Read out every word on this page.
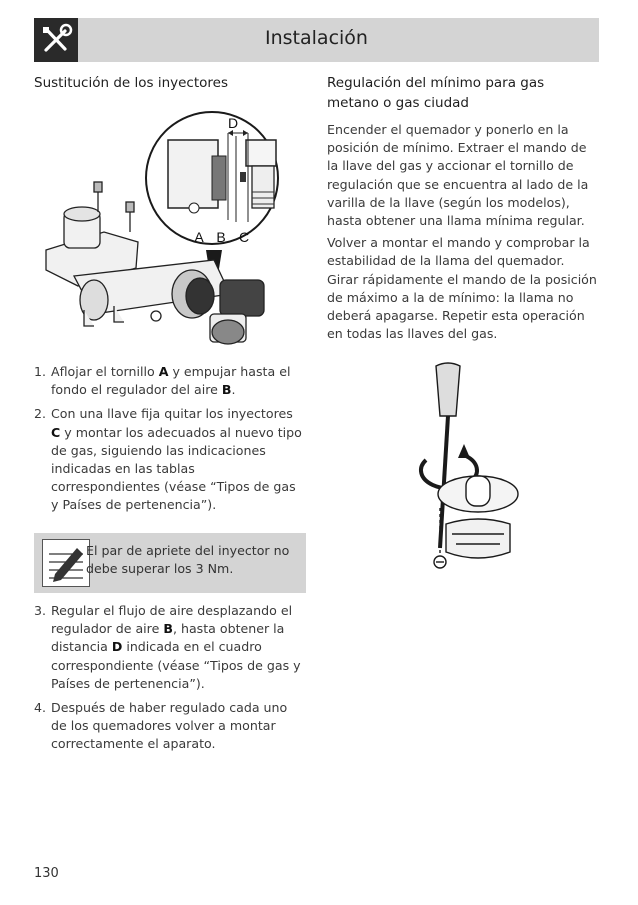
Instalación

Sustitución de los inyectores

D
A B C

1. Aflojar el tornillo A y empujar hasta el fondo el regulador del aire B.

2. Con una llave fija quitar los inyectores C y montar los adecuados al nuevo tipo de gas, siguiendo las indicaciones indicadas en las tablas correspondientes (véase “Tipos de gas y Países de pertenencia”).

El par de apriete del inyector no debe superar los 3 Nm.

3. Regular el flujo de aire desplazando el regulador de aire B, hasta obtener la distancia D indicada en el cuadro correspondiente (véase “Tipos de gas y Países de pertenencia”).

4. Después de haber regulado cada uno de los quemadores volver a montar correctamente el aparato.

Regulación del mínimo para gas metano o gas ciudad

Encender el quemador y ponerlo en la posición de mínimo. Extraer el mando de la llave del gas y accionar el tornillo de regulación que se encuentra al lado de la varilla de la llave (según los modelos), hasta obtener una llama mínima regular.

Volver a montar el mando y comprobar la estabilidad de la llama del quemador. Girar rápidamente el mando de la posición de máximo a la de mínimo: la llama no deberá apagarse. Repetir esta operación en todas las llaves del gas.

130
